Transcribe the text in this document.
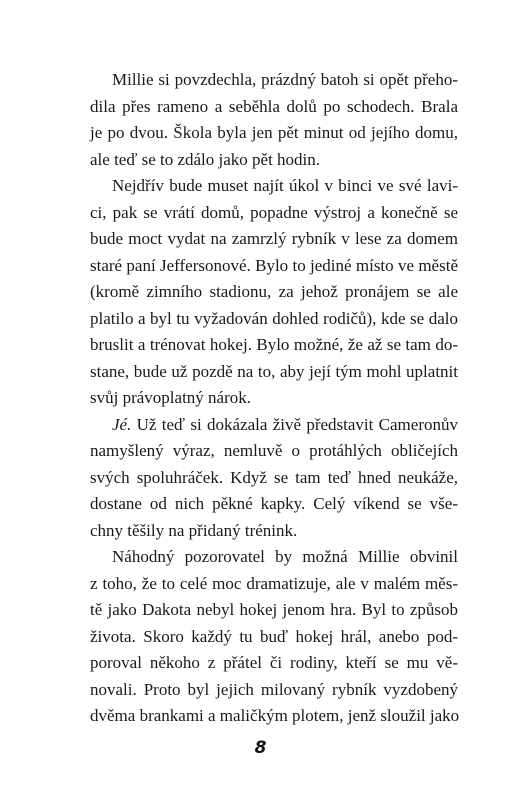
Millie si povzdechla, prázdný batoh si opět přeho-
dila přes rameno a seběhla dolů po schodech. Brala
je po dvou. Škola byla jen pět minut od jejího domu,
ale teď se to zdálo jako pět hodin.
Nejdřív bude muset najít úkol v binci ve své lavi-
ci, pak se vrátí domů, popadne výstroj a konečně se
bude moct vydat na zamrzlý rybník v lese za domem
staré paní Jeffersonové. Bylo to jediné místo ve městě
(kromě zimního stadionu, za jehož pronájem se ale
platilo a byl tu vyžadován dohled rodičů), kde se dalo
bruslit a trénovat hokej. Bylo možné, že až se tam do-
stane, bude už pozdě na to, aby její tým mohl uplatnit
svůj právoplatný nárok.
Jé. Už teď si dokázala živě představit Cameronův
namyšlený výraz, nemluvě o protáhlých obličejích
svých spoluhráček. Když se tam teď hned neukáže,
dostane od nich pěkné kapky. Celý víkend se vše-
chny těšily na přidaný trénink.
Náhodný pozorovatel by možná Millie obvinil
z toho, že to celé moc dramatizuje, ale v malém měs-
tě jako Dakota nebyl hokej jenom hra. Byl to způsob
života. Skoro každý tu buď hokej hrál, anebo pod-
poroval někoho z přátel či rodiny, kteří se mu vě-
novali. Proto byl jejich milovaný rybník vyzdobený
dvěma brankami a maličkým plotem, jenž sloužil jako
8
